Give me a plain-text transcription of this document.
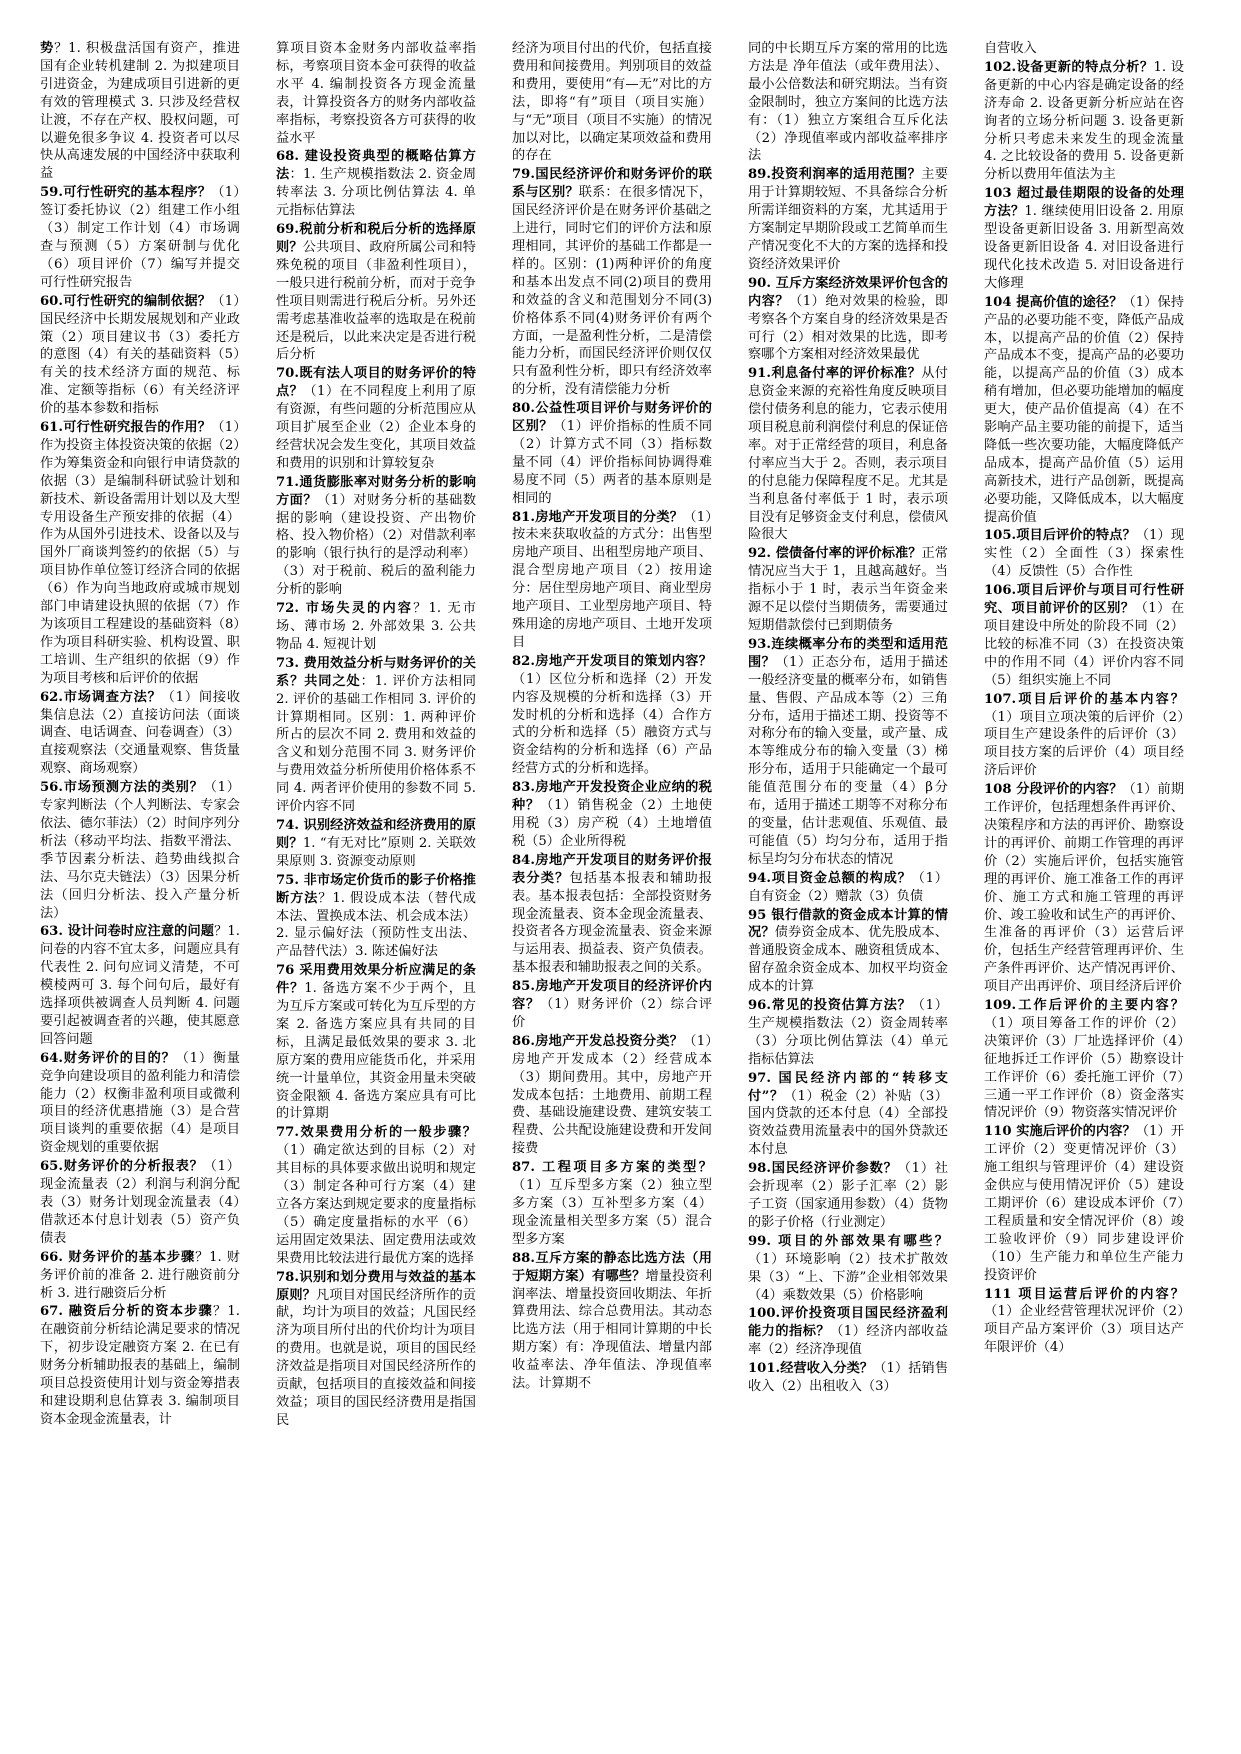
势？1. 积极盘活国有资产，推进国有企业转机建制 2. 为拟建项目引进资金，为建成项目引进新的更有效的管理模式 3. 只涉及经营权让渡，不存在产权、股权问题，可以避免很多争议 4. 投资者可以尽快从高速发展的中国经济中获取利益

59.可行性研究的基本程序？（1）签订委托协议（2）组建工作小组（3）制定工作计划（4）市场调查与预测（5）方案研制与优化（6）项目评价（7）编写并提交可行性研究报告

60.可行性研究的编制依据？（1）国民经济中长期发展规划和产业政策（2）项目建议书（3）委托方的意图（4）有关的基础资料（5）有关的技术经济方面的规范、标准、定额等指标（6）有关经济评价的基本参数和指标

61.可行性研究报告的作用？（1）作为投资主体投资决策的依据（2）作为筹集资金和向银行申请贷款的依据（3）是编制科研试验计划和新技术、新设备需用计划以及大型专用设备生产预安排的依据（4）作为从国外引进技术、设备以及与国外厂商谈判签约的依据（5）与项目协作单位签订经济合同的依据（6）作为向当地政府或城市规划部门申请建设执照的依据（7）作为该项目工程建设的基础资料（8）作为项目科研实验、机构设置、职工培训、生产组织的依据（9）作为项目考核和后评价的依据

62.市场调查方法？（1）间接收集信息法（2）直接访问法（面谈调查、电话调查、问卷调查）（3）直接观察法（交通量观察、售货量观察、商场观察）

56.市场预测方法的类别？（1）专家判断法（个人判断法、专家会依法、德尔菲法）（2）时间序列分析法（移动平均法、指数平滑法、季节因素分析法、趋势曲线拟合法、马尔克夫链法）（3）因果分析法（回归分析法、投入产量分析法）

63. 设计问卷时应注意的问题？1. 问卷的内容不宜太多，问题应具有代表性 2. 问句应词义清楚，不可模棱两可 3. 每个问句后，最好有选择项供被调查人员判断 4. 问题要引起被调查者的兴趣，使其愿意回答问题

64.财务评价的目的？（1）衡量竞争向建设项目的盈利能力和清偿能力（2）权衡非盈利项目或微利项目的经济优惠措施（3）是合营项目谈判的重要依据（4）是项目资金规划的重要依据

65.财务评价的分析报表？（1）现金流量表（2）利润与利润分配表（3）财务计划现金流量表（4）借款还本付息计划表（5）资产负债表

66. 财务评价的基本步骤？1. 财务评价前的准备 2. 进行融资前分析 3. 进行融资后分析

67. 融资后分析的资本步骤？1. 在融资前分析结论满足要求的情况下，初步设定融资方案 2. 在已有财务分析辅助报表的基础上，编制项目总投资使用计划与资金筹措表和建设期利息估算表 3. 编制项目资本金现金流量表，计

算项目资本金财务内部收益率指标，考察项目资本金可获得的收益水平 4. 编制投资各方现金流量表，计算投资各方的财务内部收益率指标，考察投资各方可获得的收益水平

68. 建设投资典型的概略估算方法：1. 生产规模指数法 2. 资金周转率法 3. 分项比例估算法 4. 单元指标估算法

69.税前分析和税后分析的选择原则？公共项目、政府所属公司和特殊免税的项目（非盈利性项目），一般只进行税前分析，而对于竞争性项目则需进行税后分析。另外还需考虑基准收益率的选取是在税前还是税后，以此来决定是否进行税后分析

70.既有法人项目的财务评价的特点？（1）在不同程度上利用了原有资源，有些问题的分析范围应从项目扩展至企业（2）企业本身的经营状况会发生变化，其项目效益和费用的识别和计算较复杂

71.通货膨胀率对财务分析的影响方面？（1）对财务分析的基础数据的影响（建设投资、产出物价格、投入物价格）（2）对借款利率的影响（银行执行的是浮动利率）（3）对于税前、税后的盈利能力分析的影响

72. 市场失灵的内容？1. 无市场、薄市场 2. 外部效果 3. 公共物品 4. 短视计划

73. 费用效益分析与财务评价的关系？共同之处：1. 评价方法相同 2. 评价的基础工作相同 3. 评价的计算期相同。区别：1. 两种评价所占的层次不同 2. 费用和效益的含义和划分范围不同 3. 财务评价与费用效益分析所使用价格体系不同 4. 两者评价使用的参数不同 5. 评价内容不同

74. 识别经济效益和经济费用的原则？1. “有无对比”原则 2. 关联效果原则 3. 资源变动原则

75. 非市场定价货币的影子价格推断方法？1. 假设成本法（替代成本法、置换成本法、机会成本法）2. 显示偏好法（预防性支出法、产品替代法）3. 陈述偏好法

76 采用费用效果分析应满足的条件？1. 备选方案不少于两个，且为互斥方案或可转化为互斥型的方案 2. 备选方案应具有共同的目标，且满足最低效果的要求 3. 北原方案的费用应能货币化，并采用统一计量单位，其资金用量未突破资金限额 4. 备选方案应具有可比的计算期

77.效果费用分析的一般步骤？（1）确定欲达到的目标（2）对其目标的具体要求做出说明和规定（3）制定各种可行方案（4）建立各方案达到规定要求的度量指标（5）确定度量指标的水平（6）运用固定效果法、固定费用法或效果费用比较法进行最优方案的选择

78.识别和划分费用与效益的基本原则？凡项目对国民经济所作的贡献，均计为项目的效益；凡国民经济为项目所付出的代价均计为项目的费用。也就是说，项目的国民经济效益是指项目对国民经济所作的贡献，包括项目的直接效益和间接效益；项目的国民经济费用是指国民

经济为项目付出的代价，包括直接费用和间接费用。判别项目的效益和费用，要使用“有—无”对比的方法，即将“有”项目（项目实施）与“无”项目（项目不实施）的情况加以对比，以确定某项效益和费用的存在

79.国民经济评价和财务评价的联系与区别？联系：在很多情况下，国民经济评价是在财务评价基础之上进行，同时它们的评价方法和原理相同，其评价的基础工作都是一样的。区别：(1)两种评价的角度和基本出发点不同(2)项目的费用和效益的含义和范围划分不同(3)价格体系不同(4)财务评价有两个方面，一是盈利性分析，二是清偿能力分析，而国民经济评价则仅仅只有盈利性分析，即只有经济效率的分析，没有清偿能力分析

80.公益性项目评价与财务评价的区别？（1）评价指标的性质不同（2）计算方式不同（3）指标数量不同（4）评价指标间协调得难易度不同（5）两者的基本原则是相同的

81.房地产开发项目的分类？（1）按未来获取收益的方式分：出售型房地产项目、出租型房地产项目、混合型房地产项目（2）按用途分：居住型房地产项目、商业型房地产项目、工业型房地产项目、特殊用途的房地产项目、土地开发项目

82.房地产开发项目的策划内容？（1）区位分析和选择（2）开发内容及规模的分析和选择（3）开发时机的分析和选择（4）合作方式的分析和选择（5）融资方式与资金结构的分析和选择（6）产品经营方式的分析和选择。

83.房地产开发投资企业应纳的税种？（1）销售税金（2）土地使用税（3）房产税（4）土地增值税（5）企业所得税

84.房地产开发项目的财务评价报表分类？包括基本报表和辅助报表。基本报表包括：全部投资财务现金流量表、资本金现金流量表、投资者各方现金流量表、资金来源与运用表、损益表、资产负债表。基本报表和辅助报表之间的关系。

85.房地产开发项目的经济评价内容？（1）财务评价（2）综合评价

86.房地产开发总投资分类？（1）房地产开发成本（2）经营成本（3）期间费用。其中，房地产开发成本包括：土地费用、前期工程费、基础设施建设费、建筑安装工程费、公共配设施建设费和开发间接费

87. 工程项目多方案的类型？（1）互斥型多方案（2）独立型多方案（3）互补型多方案（4）现金流量相关型多方案（5）混合型多方案

88.互斥方案的静态比选方法（用于短期方案）有哪些？增量投资利润率法、增量投资回收期法、年折算费用法、综合总费用法。其动态比选方法（用于相同计算期的中长期方案）有：净现值法、增量内部收益率法、净年值法、净现值率法。计算期不

同的中长期互斥方案的常用的比选方法是 净年值法（或年费用法）、最小公倍数法和研究期法。当有资金限制时，独立方案间的比选方法有：（1）独立方案组合互斥化法（2）净现值率或内部收益率排序法

89.投资利润率的适用范围？主要用于计算期较短、不具备综合分析所需详细资料的方案，尤其适用于方案制定早期阶段或工艺简单而生产情况变化不大的方案的选择和投资经济效果评价

90. 互斥方案经济效果评价包含的内容？（1）绝对效果的检验，即考察各个方案自身的经济效果是否可行（2）相对效果的比选，即考察哪个方案相对经济效果最优

91.利息备付率的评价标准？从付息资金来源的充裕性角度反映项目偿付债务利息的能力，它表示使用项目税息前利润偿付利息的保证倍率。对于正常经营的项目，利息备付率应当大于 2。否则，表示项目的付息能力保障程度不足。尤其是当利息备付率低于 1 时，表示项目没有足够资金支付利息，偿债风险很大

92. 偿债备付率的评价标准？正常情况应当大于 1，且越高越好。当指标小于 1 时，表示当年资金来源不足以偿付当期债务，需要通过短期借款偿付已到期债务

93.连续概率分布的类型和适用范围？（1）正态分布，适用于描述一般经济变量的概率分布，如销售量、售假、产品成本等（2）三角分布，适用于描述工期、投资等不对称分布的输入变量，或产量、成本等维成分布的输入变量（3）梯形分布，适用于只能确定一个最可能值范围分布的变量（4）β分布，适用于描述工期等不对称分布的变量，估计悲观值、乐观值、最可能值（5）均匀分布，适用于指标呈均匀分布状态的情况

94.项目资金总额的构成？（1）自有资金（2）赠款（3）负债

95 银行借款的资金成本计算的情况？债券资金成本、优先股成本、普通股资金成本、融资租赁成本、留存盈余资金成本、加权平均资金成本的计算

96.常见的投资估算方法？（1）生产规模指数法（2）资金周转率（3）分项比例估算法（4）单元指标估算法

97. 国民经济内部的“转移支付”？（1）税金（2）补贴（3）国内贷款的还本付息（4）全部投资效益费用流量表中的国外贷款还本付息

98.国民经济评价参数？（1）社会折现率（2）影子汇率（2）影子工资（国家通用参数）（4）货物的影子价格（行业测定）

99. 项目的外部效果有哪些？（1）环境影响（2）技术扩散效果（3）“上、下游”企业相邻效果（4）乘数效果（5）价格影响

100.评价投资项目国民经济盈利能力的指标？（1）经济内部收益率（2）经济净现值

101.经营收入分类？（1）括销售收入（2）出租收入（3）

自营收入

102.设备更新的特点分析？1. 设备更新的中心内容是确定设备的经济寿命 2. 设备更新分析应站在咨询者的立场分析问题 3. 设备更新分析只考虑未来发生的现金流量 4. 之比较设备的费用 5. 设备更新分析以费用年值法为主

103 超过最佳期限的设备的处理方法？1. 继续使用旧设备 2. 用原型设备更新旧设备 3. 用新型高效设备更新旧设备 4. 对旧设备进行现代化技术改造 5. 对旧设备进行大修理

104 提高价值的途径？（1）保持产品的必要功能不变，降低产品成本，以提高产品的价值（2）保持产品成本不变，提高产品的必要功能，以提高产品的价值（3）成本稍有增加，但必要功能增加的幅度更大，使产品价值提高（4）在不影响产品主要功能的前提下，适当降低一些次要功能，大幅度降低产品成本，提高产品价值（5）运用高新技术，进行产品创新，既提高必要功能，又降低成本，以大幅度提高价值

105.项目后评价的特点？（1）现实性（2）全面性（3）探索性（4）反馈性（5）合作性

106.项目后评价与项目可行性研究、项目前评价的区别？（1）在项目建设中所处的阶段不同（2）比较的标准不同（3）在投资决策中的作用不同（4）评价内容不同（5）组织实施上不同

107.项目后评价的基本内容？（1）项目立项决策的后评价（2）项目生产建设条件的后评价（3）项目技方案的后评价（4）项目经济后评价

108 分段评价的内容？（1）前期工作评价，包括理想条件再评价、决策程序和方法的再评价、勘察设计的再评价、前期工作管理的再评价（2）实施后评价，包括实施管理的再评价、施工准备工作的再评价、施工方式和施工管理的再评价、竣工验收和试生产的再评价、生准备的再评价（3）运营后评价，包括生产经营管理再评价、生产条件再评价、达产情况再评价、项目产出再评价、项目经济后评价

109.工作后评价的主要内容？（1）项目筹备工作的评价（2）决策评价（3）厂址选择评价（4）征地拆迁工作评价（5）勘察设计工作评价（6）委托施工评价（7）三通一平工作评价（8）资金落实情况评价（9）物资落实情况评价

110 实施后评价的内容？（1）开工评价（2）变更情况评价（3）施工组织与管理评价（4）建设资金供应与使用情况评价（5）建设工期评价（6）建设成本评价（7）工程质量和安全情况评价（8）竣工验收评价（9）同步建设评价（10）生产能力和单位生产能力投资评价

111 项目运营后评价的内容？（1）企业经营管理状况评价（2）项目产品方案评价（3）项目达产年限评价（4）
